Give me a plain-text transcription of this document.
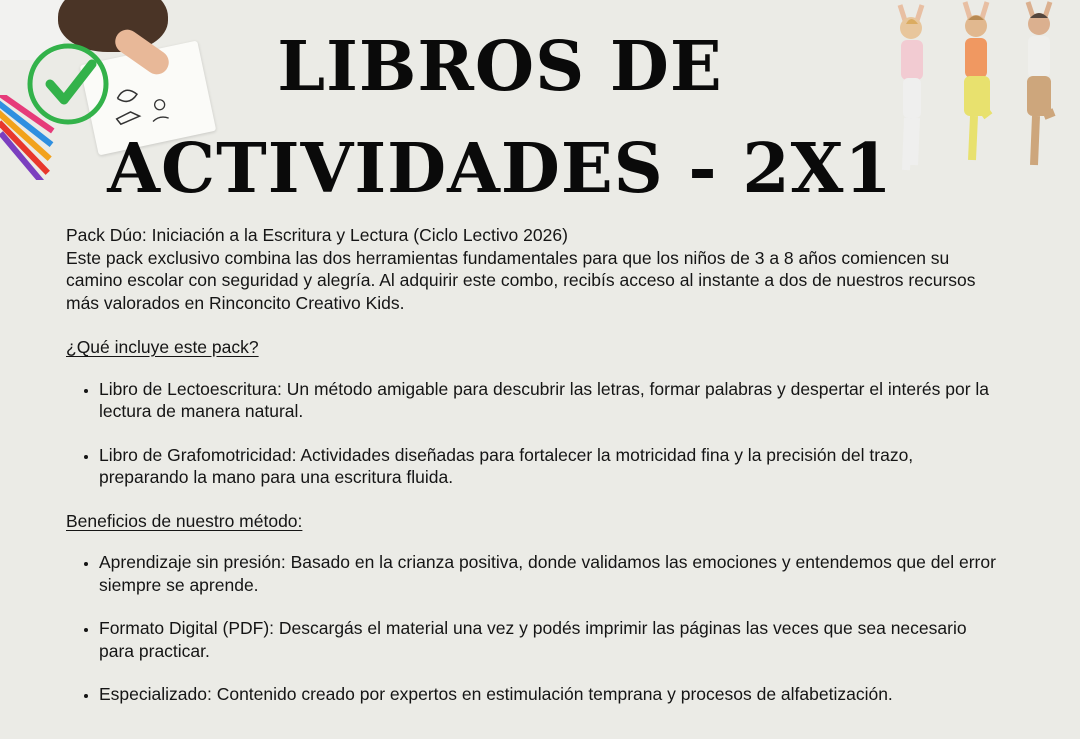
LIBROS DE
ACTIVIDADES - 2X1

Pack Dúo: Iniciación a la Escritura y Lectura (Ciclo Lectivo 2026)

Este pack exclusivo combina las dos herramientas fundamentales para que los niños de 3 a 8 años comiencen su camino escolar con seguridad y alegría. Al adquirir este combo, recibís acceso al instante a dos de nuestros recursos más valorados en Rinconcito Creativo Kids.

¿Qué incluye este pack?
• Libro de Lectoescritura: Un método amigable para descubrir las letras, formar palabras y despertar el interés por la lectura de manera natural.
• Libro de Grafomotricidad: Actividades diseñadas para fortalecer la motricidad fina y la precisión del trazo, preparando la mano para una escritura fluida.
Beneficios de nuestro método:
• Aprendizaje sin presión: Basado en la crianza positiva, donde validamos las emociones y entendemos que del error siempre se aprende.
• Formato Digital (PDF): Descargás el material una vez y podés imprimir las páginas las veces que sea necesario para practicar.
• Especializado: Contenido creado por expertos en estimulación temprana y procesos de alfabetización.
